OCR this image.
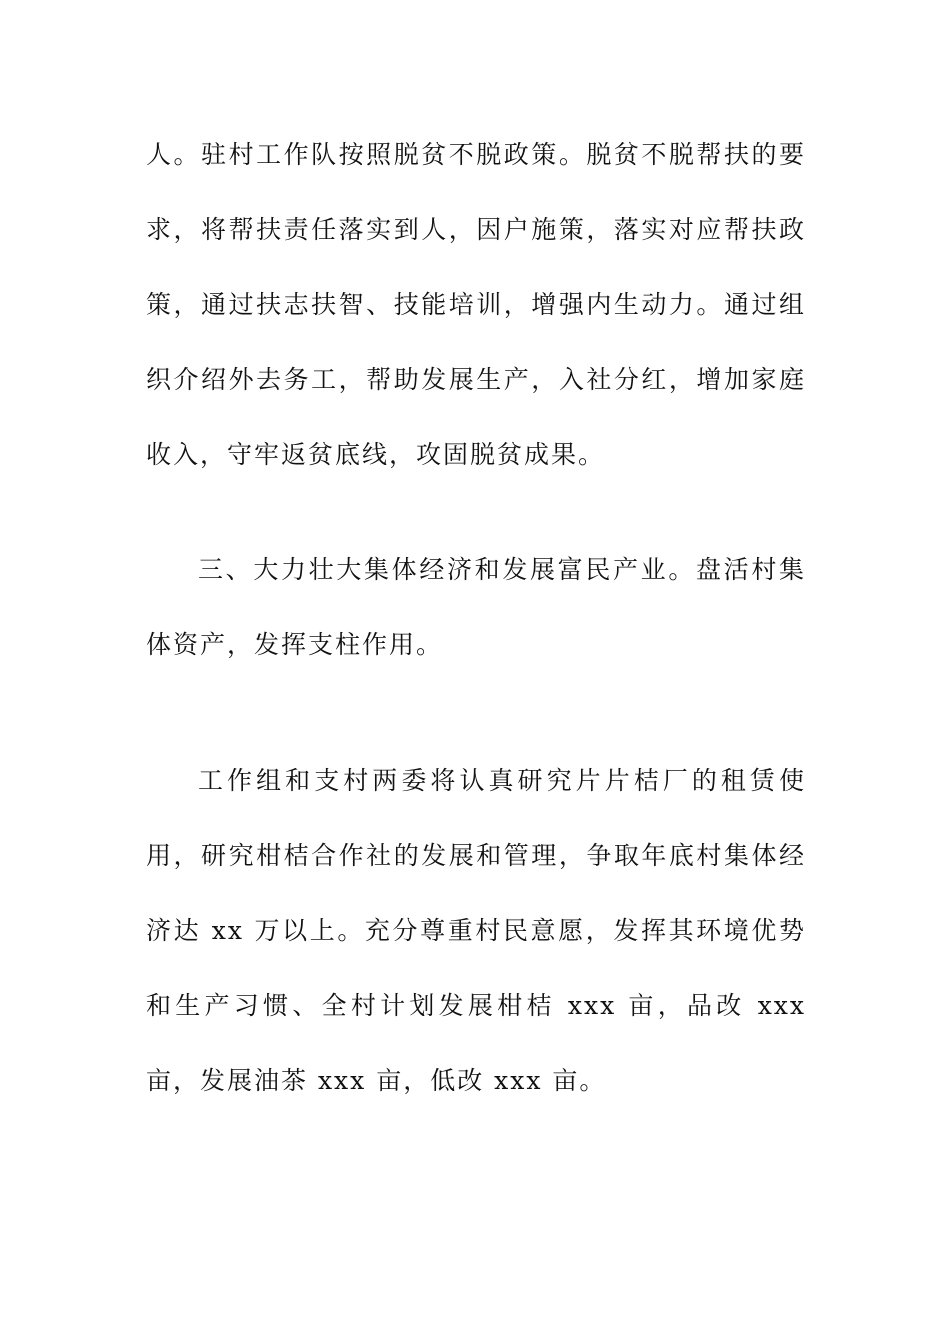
人。驻村工作队按照脱贫不脱政策。脱贫不脱帮扶的要求，将帮扶责任落实到人，因户施策，落实对应帮扶政策，通过扶志扶智、技能培训，增强内生动力。通过组织介绍外去务工，帮助发展生产，入社分红，增加家庭收入，守牢返贫底线，攻固脱贫成果。

三、大力壮大集体经济和发展富民产业。盘活村集体资产，发挥支柱作用。

工作组和支村两委将认真研究片片桔厂的租赁使用，研究柑桔合作社的发展和管理，争取年底村集体经济达 xx 万以上。充分尊重村民意愿，发挥其环境优势和生产习惯、全村计划发展柑桔 xxx 亩，品改 xxx 亩，发展油茶 xxx 亩，低改 xxx 亩。
